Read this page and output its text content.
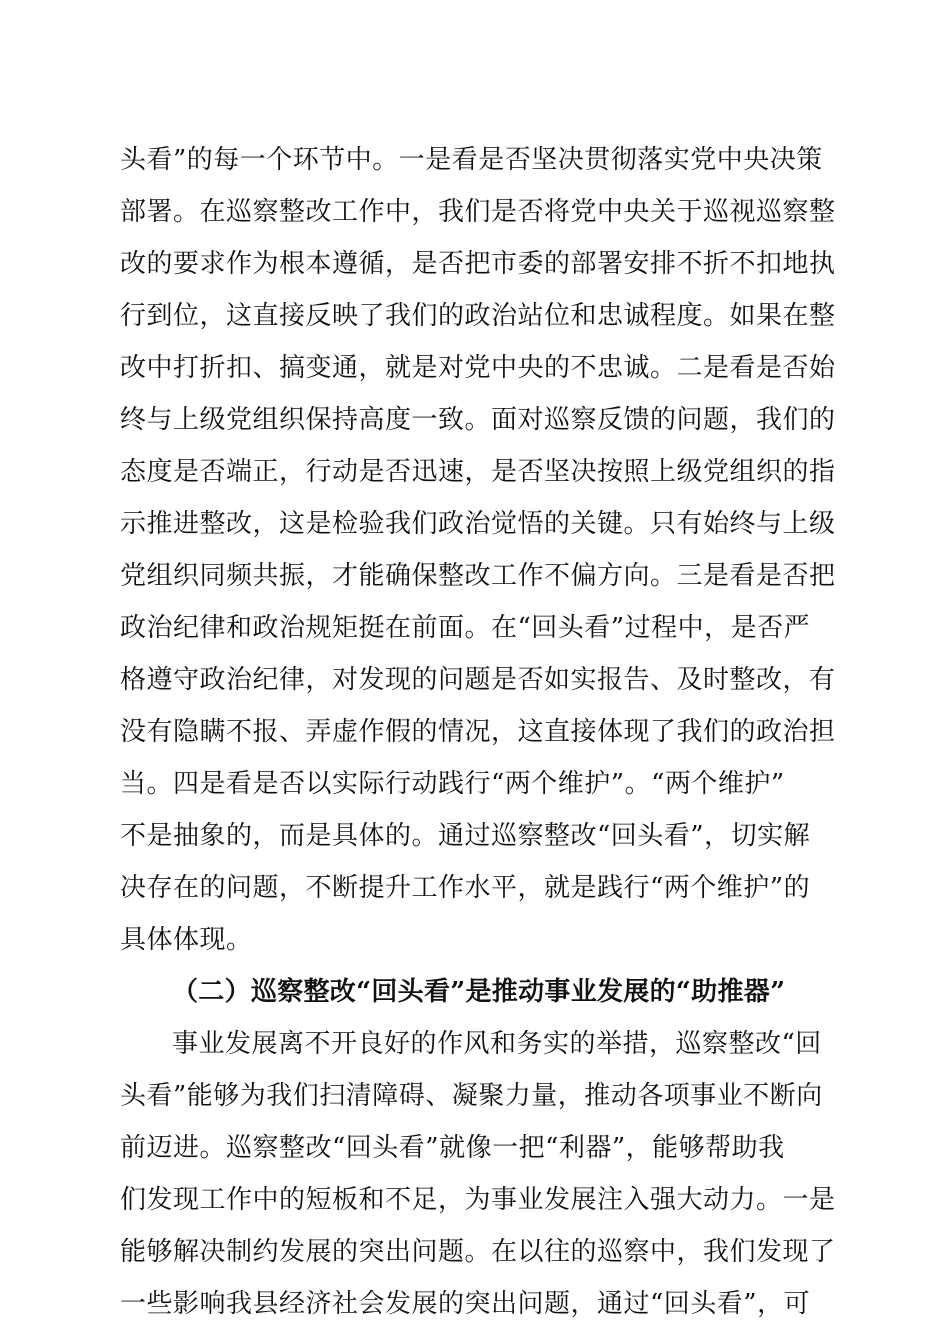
头看”的每一个环节中。一是看是否坚决贯彻落实党中央决策
部署。在巡察整改工作中，我们是否将党中央关于巡视巡察整
改的要求作为根本遵循，是否把市委的部署安排不折不扣地执
行到位，这直接反映了我们的政治站位和忠诚程度。如果在整
改中打折扣、搞变通，就是对党中央的不忠诚。二是看是否始
终与上级党组织保持高度一致。面对巡察反馈的问题，我们的
态度是否端正，行动是否迅速，是否坚决按照上级党组织的指
示推进整改，这是检验我们政治觉悟的关键。只有始终与上级
党组织同频共振，才能确保整改工作不偏方向。三是看是否把
政治纪律和政治规矩挺在前面。在“回头看”过程中，是否严
格遵守政治纪律，对发现的问题是否如实报告、及时整改，有
没有隐瞒不报、弄虚作假的情况，这直接体现了我们的政治担
当。四是看是否以实际行动践行“两个维护”。“两个维护”
不是抽象的，而是具体的。通过巡察整改“回头看”，切实解
决存在的问题，不断提升工作水平，就是践行“两个维护”的
具体体现。
（二）巡察整改“回头看”是推动事业发展的“助推器”
事业发展离不开良好的作风和务实的举措，巡察整改“回
头看”能够为我们扫清障碍、凝聚力量，推动各项事业不断向
前迈进。巡察整改“回头看”就像一把“利器”，能够帮助我
们发现工作中的短板和不足，为事业发展注入强大动力。一是
能够解决制约发展的突出问题。在以往的巡察中，我们发现了
一些影响我县经济社会发展的突出问题，通过“回头看”，可
